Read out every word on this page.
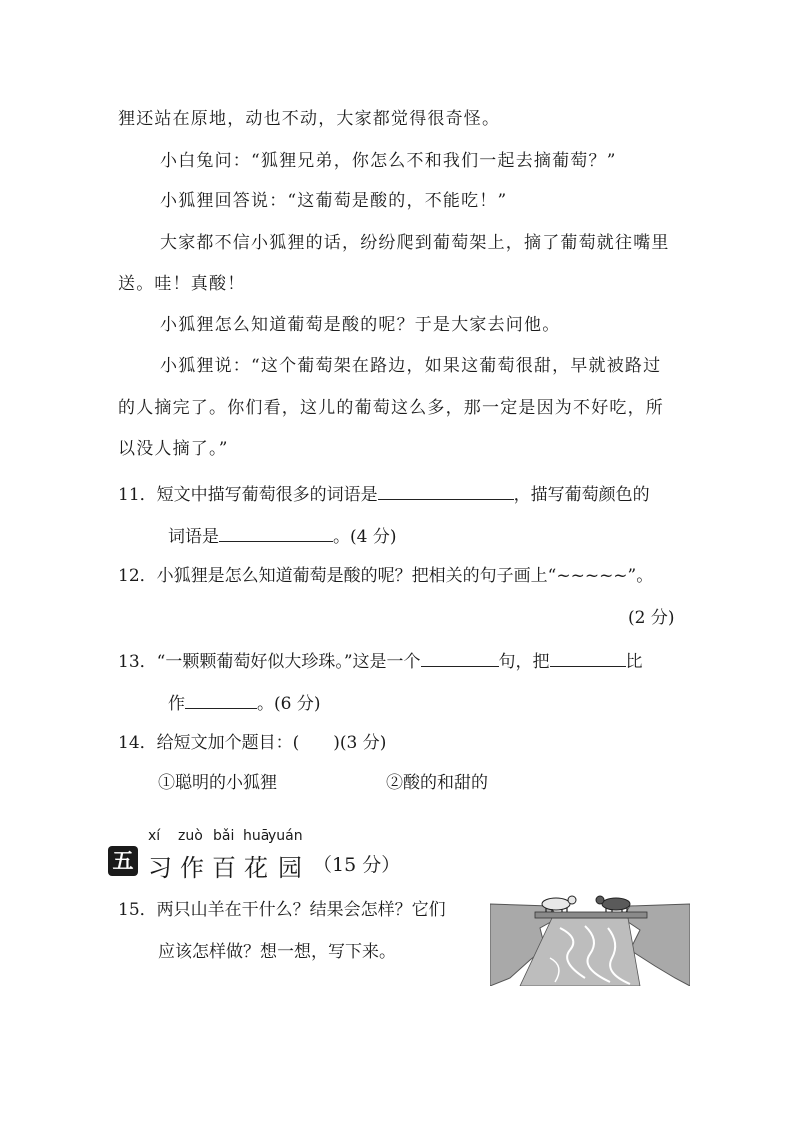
狸还站在原地，动也不动，大家都觉得很奇怪。
小白兔问：“狐狸兄弟，你怎么不和我们一起去摘葡萄？”
小狐狸回答说：“这葡萄是酸的，不能吃！”
大家都不信小狐狸的话，纷纷爬到葡萄架上，摘了葡萄就往嘴里
送。哇！真酸！
小狐狸怎么知道葡萄是酸的呢？于是大家去问他。
小狐狸说：“这个葡萄架在路边，如果这葡萄很甜，早就被路过
的人摘完了。你们看，这儿的葡萄这么多，那一定是因为不好吃，所
以没人摘了。”
11．短文中描写葡萄很多的词语是	，描写葡萄颜色的
词语是	。(4 分)
12．小狐狸是怎么知道葡萄是酸的呢？把相关的句子画上“~~~~~”。
(2 分)
13．“一颗颗葡萄好似大珍珠。”这是一个	句，把	比
作	。(6 分)
14．给短文加个题目：(　　)(3 分)
①聪明的小狐狸	②酸的和甜的
五
xí zuò bǎi huā
yuán
习 作 百 花 园 （15 分）
15．两只山羊在干什么？结果会怎样？它们
应该怎样做？想一想，写下来。
